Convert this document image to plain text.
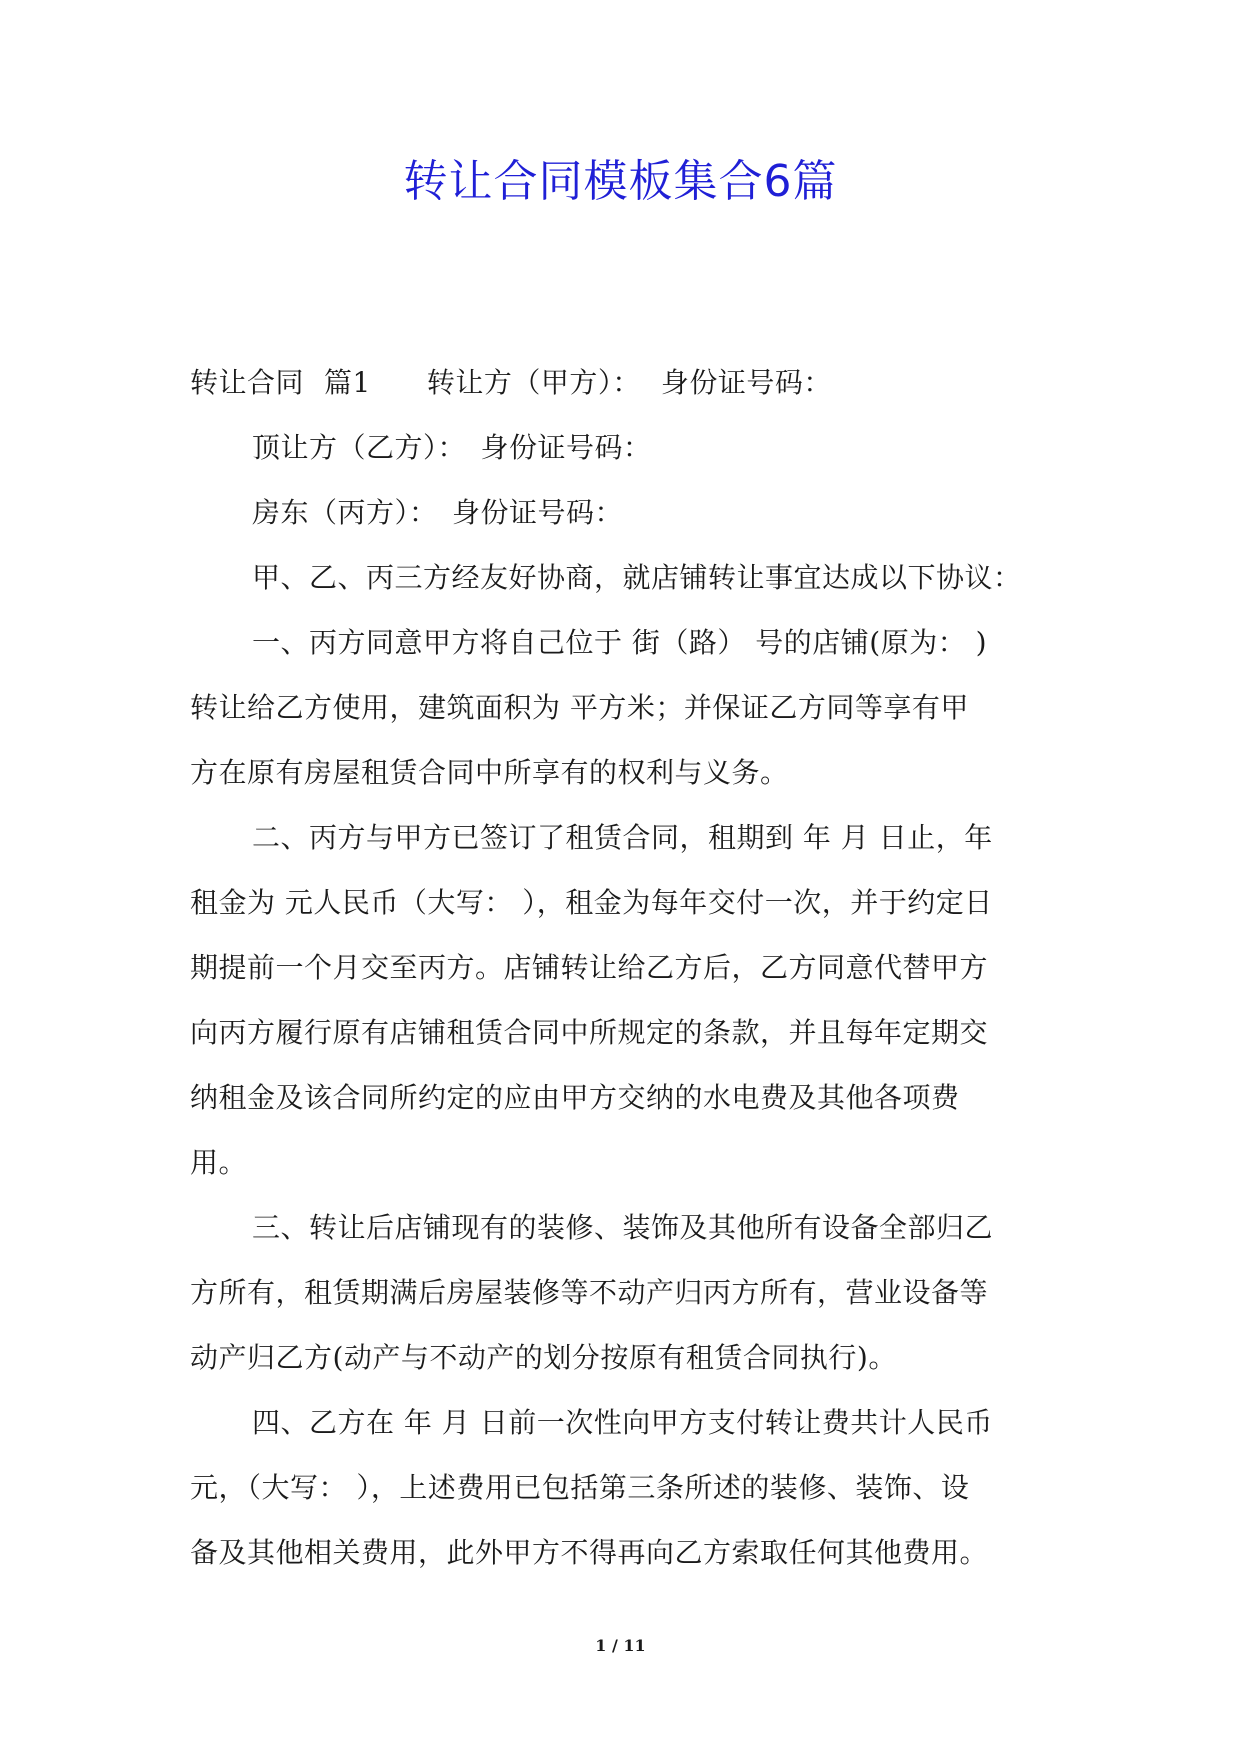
转让合同模板集合6篇
转让合同 篇1 转让方（甲方）： 身份证号码：
顶让方（乙方）：　身份证号码：
房东（丙方）：　身份证号码：
甲、乙、丙三方经友好协商，就店铺转让事宜达成以下协议：
一、丙方同意甲方将自己位于 街（路） 号的店铺(原为： )
转让给乙方使用，建筑面积为 平方米；并保证乙方同等享有甲
方在原有房屋租赁合同中所享有的权利与义务。
二、丙方与甲方已签订了租赁合同，租期到 年 月 日止，年
租金为 元人民币（大写： ），租金为每年交付一次，并于约定日
期提前一个月交至丙方。店铺转让给乙方后，乙方同意代替甲方
向丙方履行原有店铺租赁合同中所规定的条款，并且每年定期交
纳租金及该合同所约定的应由甲方交纳的水电费及其他各项费
用。
三、转让后店铺现有的装修、装饰及其他所有设备全部归乙
方所有，租赁期满后房屋装修等不动产归丙方所有，营业设备等
动产归乙方(动产与不动产的划分按原有租赁合同执行)。
四、乙方在 年 月 日前一次性向甲方支付转让费共计人民币
元，（大写： ），上述费用已包括第三条所述的装修、装饰、设
备及其他相关费用，此外甲方不得再向乙方索取任何其他费用。
1 / 11
